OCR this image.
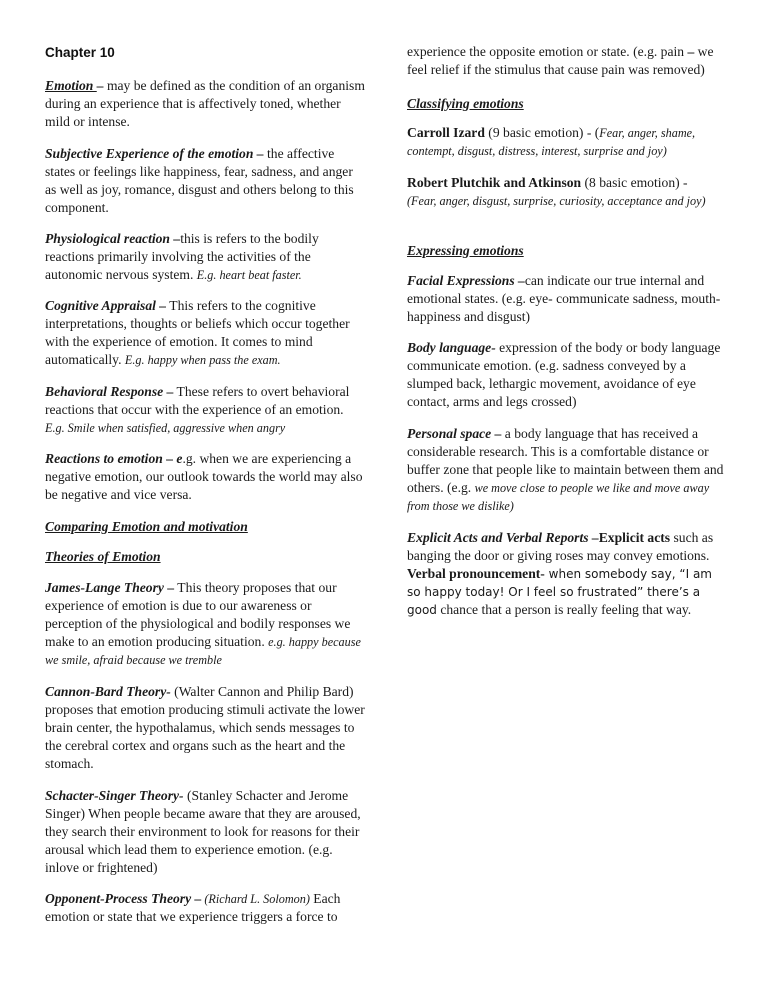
Chapter 10

Emotion – may be defined as the condition of an organism during an experience that is affectively toned, whether mild or intense.

Subjective Experience of the emotion – the affective states or feelings like happiness, fear, sadness, and anger as well as joy, romance, disgust and others belong to this component.

Physiological reaction –this is refers to the bodily reactions primarily involving the activities of the autonomic nervous system. E.g. heart beat faster.

Cognitive Appraisal – This refers to the cognitive interpretations, thoughts or beliefs which occur together with the experience of emotion. It comes to mind automatically. E.g. happy when pass the exam.

Behavioral Response – These refers to overt behavioral reactions that occur with the experience of an emotion. E.g. Smile when satisfied, aggressive when angry

Reactions to emotion – e.g. when we are experiencing a negative emotion, our outlook towards the world may also be negative and vice versa.

Comparing Emotion and motivation

Theories of Emotion

James-Lange Theory – This theory proposes that our experience of emotion is due to our awareness or perception of the physiological and bodily responses we make to an emotion producing situation. e.g. happy because we smile, afraid because we tremble

Cannon-Bard Theory- (Walter Cannon and Philip Bard) proposes that emotion producing stimuli activate the lower brain center, the hypothalamus, which sends messages to the cerebral cortex and organs such as the heart and the stomach.

Schacter-Singer Theory- (Stanley Schacter and Jerome Singer) When people became aware that they are aroused, they search their environment to look for reasons for their arousal which lead them to experience emotion. (e.g. inlove or frightened)

Opponent-Process Theory – (Richard L. Solomon) Each emotion or state that we experience triggers a force to

experience the opposite emotion or state. (e.g. pain – we feel relief if the stimulus that cause pain was removed)

Classifying emotions

Carroll Izard (9 basic emotion) - (Fear, anger, shame, contempt, disgust, distress, interest, surprise and joy)

Robert Plutchik and Atkinson (8 basic emotion) -
(Fear, anger, disgust, surprise, curiosity, acceptance and joy)

Expressing emotions

Facial Expressions –can indicate our true internal and emotional states. (e.g. eye- communicate sadness, mouth- happiness and disgust)

Body language- expression of the body or body language communicate emotion. (e.g. sadness conveyed by a slumped back, lethargic movement, avoidance of eye contact, arms and legs crossed)

Personal space – a body language that has received a considerable research. This is a comfortable distance or buffer zone that people like to maintain between them and others. (e.g. we move close to people we like and move away from those we dislike)

Explicit Acts and Verbal Reports –Explicit acts such as banging the door or giving roses may convey emotions. Verbal pronouncement- when somebody say, “I am so happy today! Or I feel so frustrated” there’s a good chance that a person is really feeling that way.
